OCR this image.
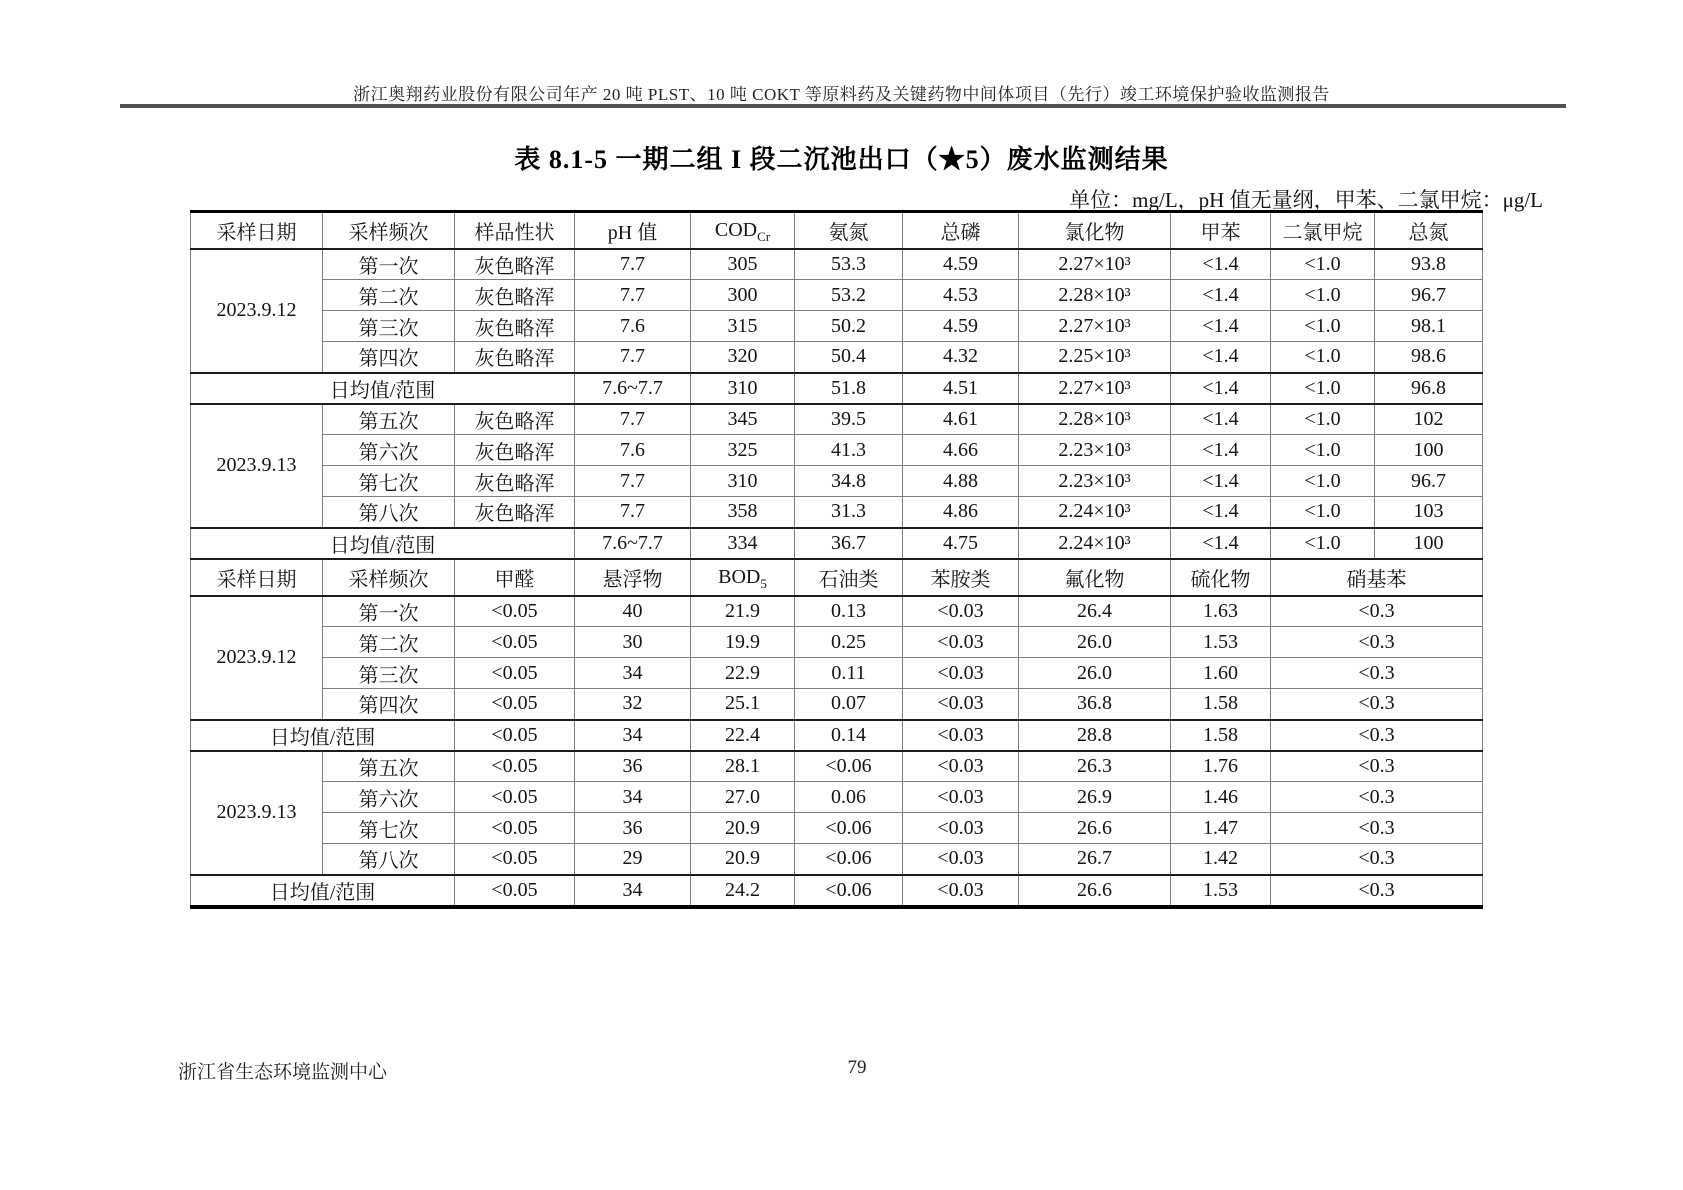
浙江奥翔药业股份有限公司年产 20 吨 PLST、10 吨 COKT 等原料药及关键药物中间体项目（先行）竣工环境保护验收监测报告
表 8.1-5 一期二组 I 段二沉池出口（★5）废水监测结果
单位：mg/L，pH 值无量纲，甲苯、二氯甲烷：μg/L
采样日期	采样频次	样品性状	pH 值	$COD_{Cr}$	氨氮	总磷	氯化物	甲苯	二氯甲烷	总氮
2023.9.12	第一次	灰色略浑	7.7	305	53.3	4.59	2.27×10³	<1.4	<1.0	93.8
	第二次	灰色略浑	7.7	300	53.2	4.53	2.28×10³	<1.4	<1.0	96.7
	第三次	灰色略浑	7.6	315	50.2	4.59	2.27×10³	<1.4	<1.0	98.1
	第四次	灰色略浑	7.7	320	50.4	4.32	2.25×10³	<1.4	<1.0	98.6
日均值/范围			7.6~7.7	310	51.8	4.51	2.27×10³	<1.4	<1.0	96.8
2023.9.13	第五次	灰色略浑	7.7	345	39.5	4.61	2.28×10³	<1.4	<1.0	102
	第六次	灰色略浑	7.6	325	41.3	4.66	2.23×10³	<1.4	<1.0	100
	第七次	灰色略浑	7.7	310	34.8	4.88	2.23×10³	<1.4	<1.0	96.7
	第八次	灰色略浑	7.7	358	31.3	4.86	2.24×10³	<1.4	<1.0	103
日均值/范围			7.6~7.7	334	36.7	4.75	2.24×10³	<1.4	<1.0	100
采样日期	采样频次	甲醛	悬浮物	$BOD_5$	石油类	苯胺类	氟化物	硫化物	硝基苯	
2023.9.12	第一次	<0.05	40	21.9	0.13	<0.03	26.4	1.63	<0.3	
	第二次	<0.05	30	19.9	0.25	<0.03	26.0	1.53	<0.3	
	第三次	<0.05	34	22.9	0.11	<0.03	26.0	1.60	<0.3	
	第四次	<0.05	32	25.1	0.07	<0.03	36.8	1.58	<0.3	
日均值/范围		<0.05	34	22.4	0.14	<0.03	28.8	1.58	<0.3	
2023.9.13	第五次	<0.05	36	28.1	<0.06	<0.03	26.3	1.76	<0.3	
	第六次	<0.05	34	27.0	0.06	<0.03	26.9	1.46	<0.3	
	第七次	<0.05	36	20.9	<0.06	<0.03	26.6	1.47	<0.3	
	第八次	<0.05	29	20.9	<0.06	<0.03	26.7	1.42	<0.3	
日均值/范围		<0.05	34	24.2	<0.06	<0.03	26.6	1.53	<0.3	
浙江省生态环境监测中心	79
